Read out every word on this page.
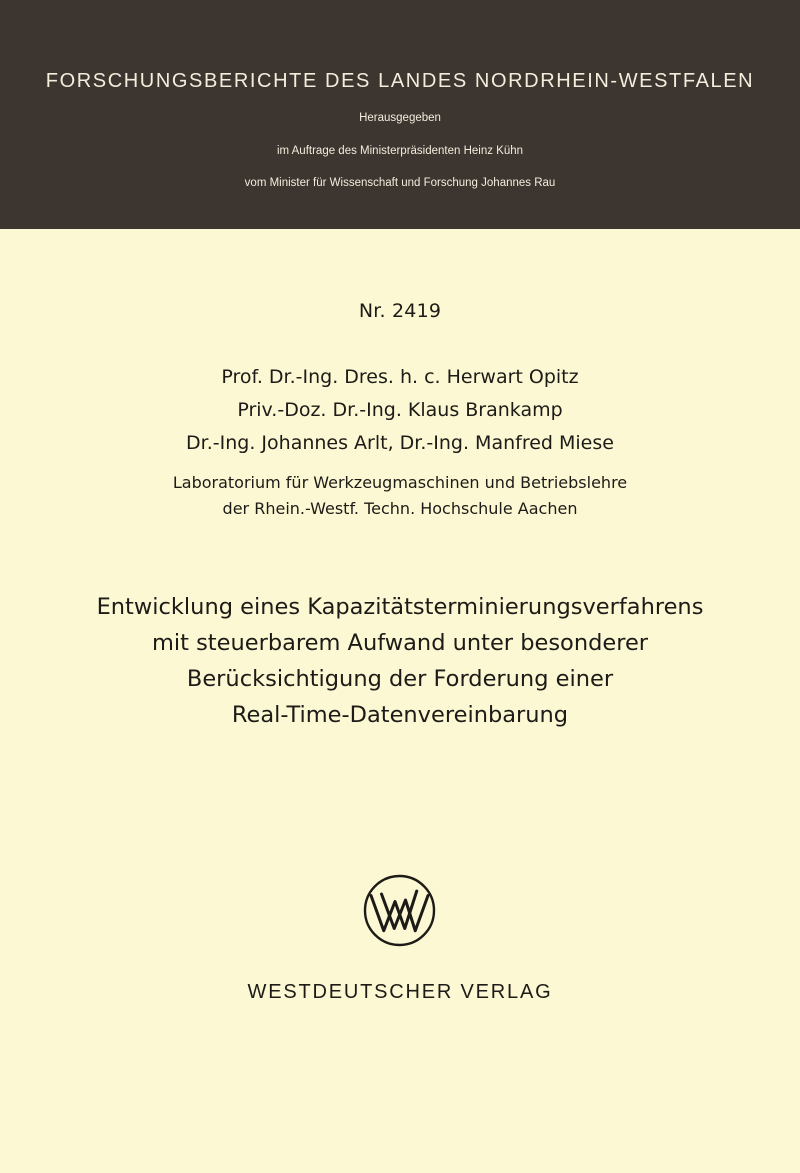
FORSCHUNGSBERICHTE DES LANDES NORDRHEIN-WESTFALEN
Herausgegeben
im Auftrage des Ministerpräsidenten Heinz Kühn
vom Minister für Wissenschaft und Forschung Johannes Rau
Nr. 2419
Prof. Dr.-Ing. Dres. h. c. Herwart Opitz
Priv.-Doz. Dr.-Ing. Klaus Brankamp
Dr.-Ing. Johannes Arlt, Dr.-Ing. Manfred Miese
Laboratorium für Werkzeugmaschinen und Betriebslehre
der Rhein.-Westf. Techn. Hochschule Aachen
Entwicklung eines Kapazitätsterminierungsverfahrens
mit steuerbarem Aufwand unter besonderer
Berücksichtigung der Forderung einer
Real-Time-Datenvereinbarung
WESTDEUTSCHER VERLAG
